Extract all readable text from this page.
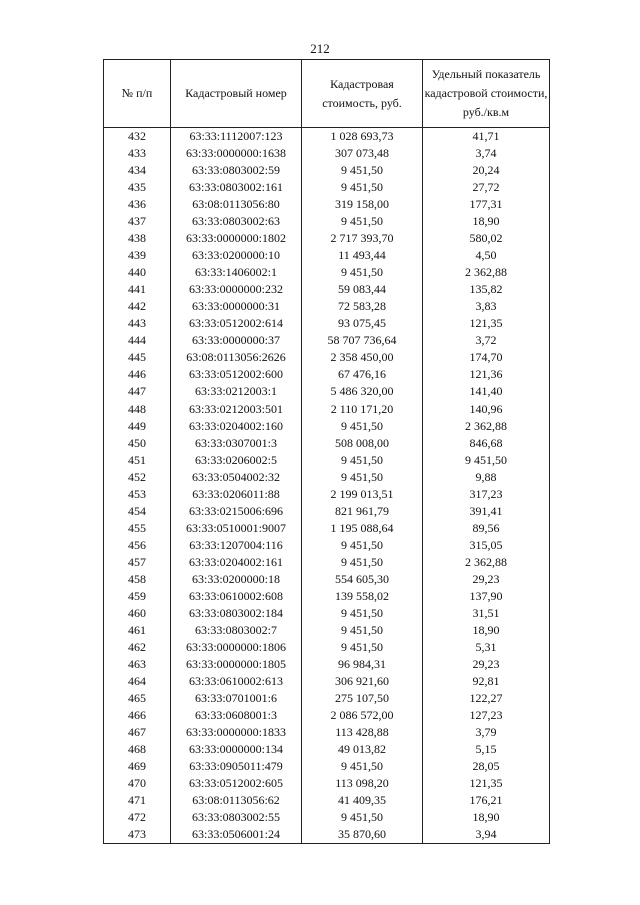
212
№ п/п	Кадастровый номер	Кадастровая стоимость, руб.	Удельный показатель кадастровой стоимости, руб./кв.м
432	63:33:1112007:123	1 028 693,73	41,71
433	63:33:0000000:1638	307 073,48	3,74
434	63:33:0803002:59	9 451,50	20,24
435	63:33:0803002:161	9 451,50	27,72
436	63:08:0113056:80	319 158,00	177,31
437	63:33:0803002:63	9 451,50	18,90
438	63:33:0000000:1802	2 717 393,70	580,02
439	63:33:0200000:10	11 493,44	4,50
440	63:33:1406002:1	9 451,50	2 362,88
441	63:33:0000000:232	59 083,44	135,82
442	63:33:0000000:31	72 583,28	3,83
443	63:33:0512002:614	93 075,45	121,35
444	63:33:0000000:37	58 707 736,64	3,72
445	63:08:0113056:2626	2 358 450,00	174,70
446	63:33:0512002:600	67 476,16	121,36
447	63:33:0212003:1	5 486 320,00	141,40
448	63:33:0212003:501	2 110 171,20	140,96
449	63:33:0204002:160	9 451,50	2 362,88
450	63:33:0307001:3	508 008,00	846,68
451	63:33:0206002:5	9 451,50	9 451,50
452	63:33:0504002:32	9 451,50	9,88
453	63:33:0206011:88	2 199 013,51	317,23
454	63:33:0215006:696	821 961,79	391,41
455	63:33:0510001:9007	1 195 088,64	89,56
456	63:33:1207004:116	9 451,50	315,05
457	63:33:0204002:161	9 451,50	2 362,88
458	63:33:0200000:18	554 605,30	29,23
459	63:33:0610002:608	139 558,02	137,90
460	63:33:0803002:184	9 451,50	31,51
461	63:33:0803002:7	9 451,50	18,90
462	63:33:0000000:1806	9 451,50	5,31
463	63:33:0000000:1805	96 984,31	29,23
464	63:33:0610002:613	306 921,60	92,81
465	63:33:0701001:6	275 107,50	122,27
466	63:33:0608001:3	2 086 572,00	127,23
467	63:33:0000000:1833	113 428,88	3,79
468	63:33:0000000:134	49 013,82	5,15
469	63:33:0905011:479	9 451,50	28,05
470	63:33:0512002:605	113 098,20	121,35
471	63:08:0113056:62	41 409,35	176,21
472	63:33:0803002:55	9 451,50	18,90
473	63:33:0506001:24	35 870,60	3,94
